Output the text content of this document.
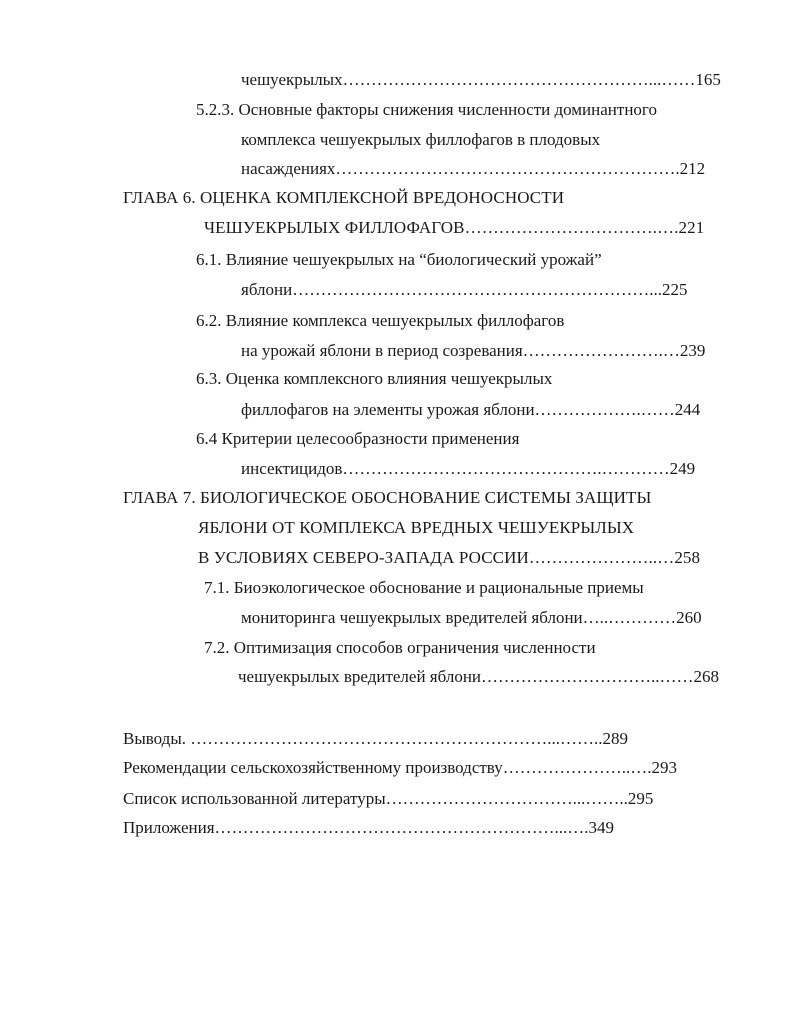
чешуекрылых………………………………………………...……165
5.2.3. Основные факторы снижения численности доминантного
комплекса чешуекрылых филлофагов в плодовых
насаждениях…………………………………………………….212
ГЛАВА 6. ОЦЕНКА КОМПЛЕКСНОЙ ВРЕДОНОСНОСТИ
ЧЕШУЕКРЫЛЫХ ФИЛЛОФАГОВ…………………………….….221
6.1. Влияние чешуекрылых на “биологический урожай”
яблони………………………………………………………...225
6.2. Влияние комплекса чешуекрылых филлофагов
на урожай яблони в период созревания…………………….…239
6.3. Оценка комплексного влияния чешуекрылых
филлофагов на элементы урожая яблони……………….……244
6.4 Критерии целесообразности применения
инсектицидов……………………………………….…………249
ГЛАВА 7. БИОЛОГИЧЕСКОЕ ОБОСНОВАНИЕ СИСТЕМЫ ЗАЩИТЫ
ЯБЛОНИ ОТ КОМПЛЕКСА ВРЕДНЫХ ЧЕШУЕКРЫЛЫХ
В УСЛОВИЯХ СЕВЕРО-ЗАПАДА РОССИИ…………………..…258
7.1. Биоэкологическое обоснование и рациональные приемы
мониторинга чешуекрылых вредителей яблони…..…………260
7.2. Оптимизация способов ограничения численности
чешуекрылых вредителей яблони…………………………..……268
Выводы. ………………………………………………………...……..289
Рекомендации сельскохозяйственному производству…………………..….293
Список использованной литературы……………………………...……..295
Приложения……………………………………………………...….349
